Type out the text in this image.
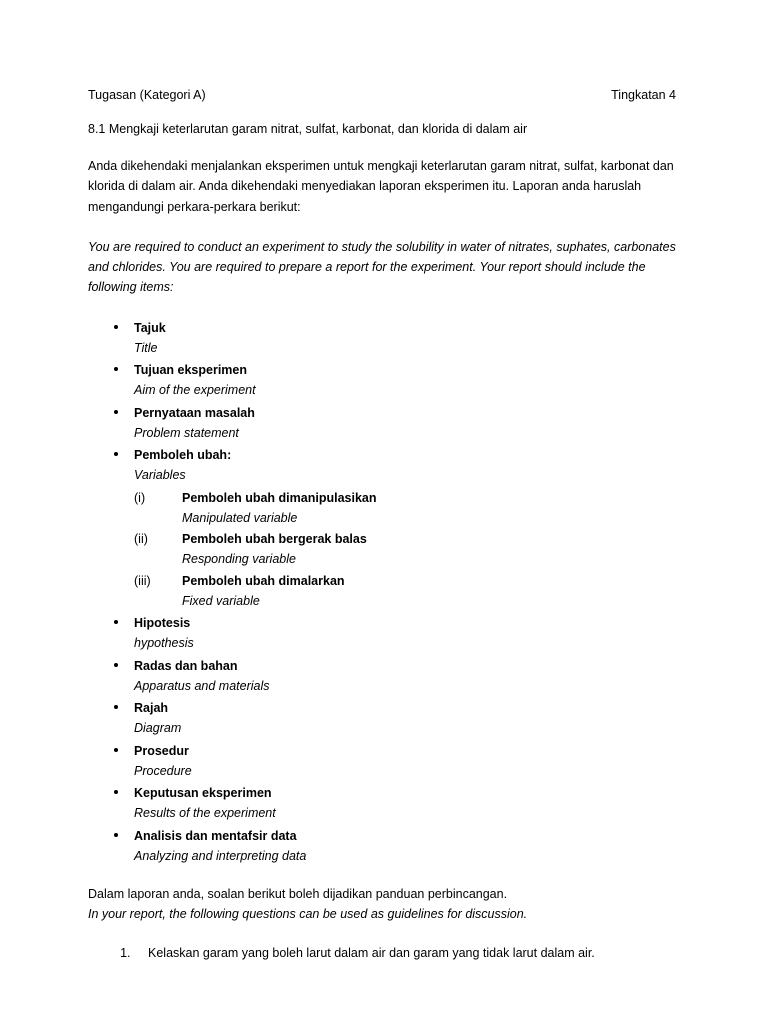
Tugasan (Kategori A)	Tingkatan 4
8.1 Mengkaji keterlarutan garam nitrat, sulfat, karbonat, dan klorida di dalam air

Anda dikehendaki menjalankan eksperimen untuk mengkaji keterlarutan garam nitrat, sulfat, karbonat dan klorida di dalam air. Anda dikehendaki menyediakan laporan eksperimen itu. Laporan anda haruslah mengandungi perkara-perkara berikut:

You are required to conduct an experiment to study the solubility in water of nitrates, suphates, carbonates and chlorides. You are required to prepare a report for the experiment. Your report should include the following items:

Tajuk
Title
Tujuan eksperimen
Aim of the experiment
Pernyataan masalah
Problem statement
Pemboleh ubah:
Variables
(i)	Pemboleh ubah dimanipulasikan
Manipulated variable
(ii)	Pemboleh ubah bergerak balas
Responding variable
(iii)	Pemboleh ubah dimalarkan
Fixed variable
Hipotesis
hypothesis
Radas dan bahan
Apparatus and materials
Rajah
Diagram
Prosedur
Procedure
Keputusan eksperimen
Results of the experiment
Analisis dan mentafsir data
Analyzing and interpreting data
Dalam laporan anda, soalan berikut boleh dijadikan panduan perbincangan.
In your report, the following questions can be used as guidelines for discussion.
1. Kelaskan garam yang boleh larut dalam air dan garam yang tidak larut dalam air.
